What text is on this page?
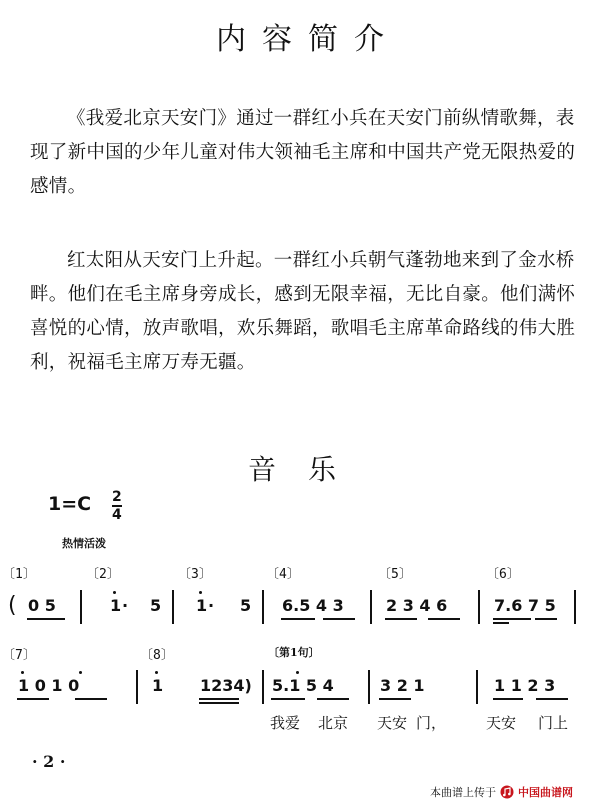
内容简介

《我爱北京天安门》通过一群红小兵在天安门前纵情歌舞，表现了新中国的少年儿童对伟大领袖毛主席和中国共产党无限热爱的感情。

红太阳从天安门上升起。一群红小兵朝气蓬勃地来到了金水桥畔。他们在毛主席身旁成长，感到无限幸福，无比自豪。他们满怀喜悦的心情，放声歌唱，欢乐舞蹈，歌唱毛主席革命路线的伟大胜利，祝福毛主席万寿无疆。

音乐
1=C 2
4
热情活泼
〔1〕	〔2〕	〔3〕	〔4〕	〔5〕	〔6〕
( 0 5	1 · 5 1 · 5 6.5 4 3	2 3 4 6	7.6 7 5
〔7〕	〔8〕	〔第1句〕
1 0 1 0	1 1234) 5.1 5 4	3 2 1	1 1 2 3
我爱 北京 天安 门，	天安 门上
· 2 ·
本曲谱上传于 中国曲谱网
